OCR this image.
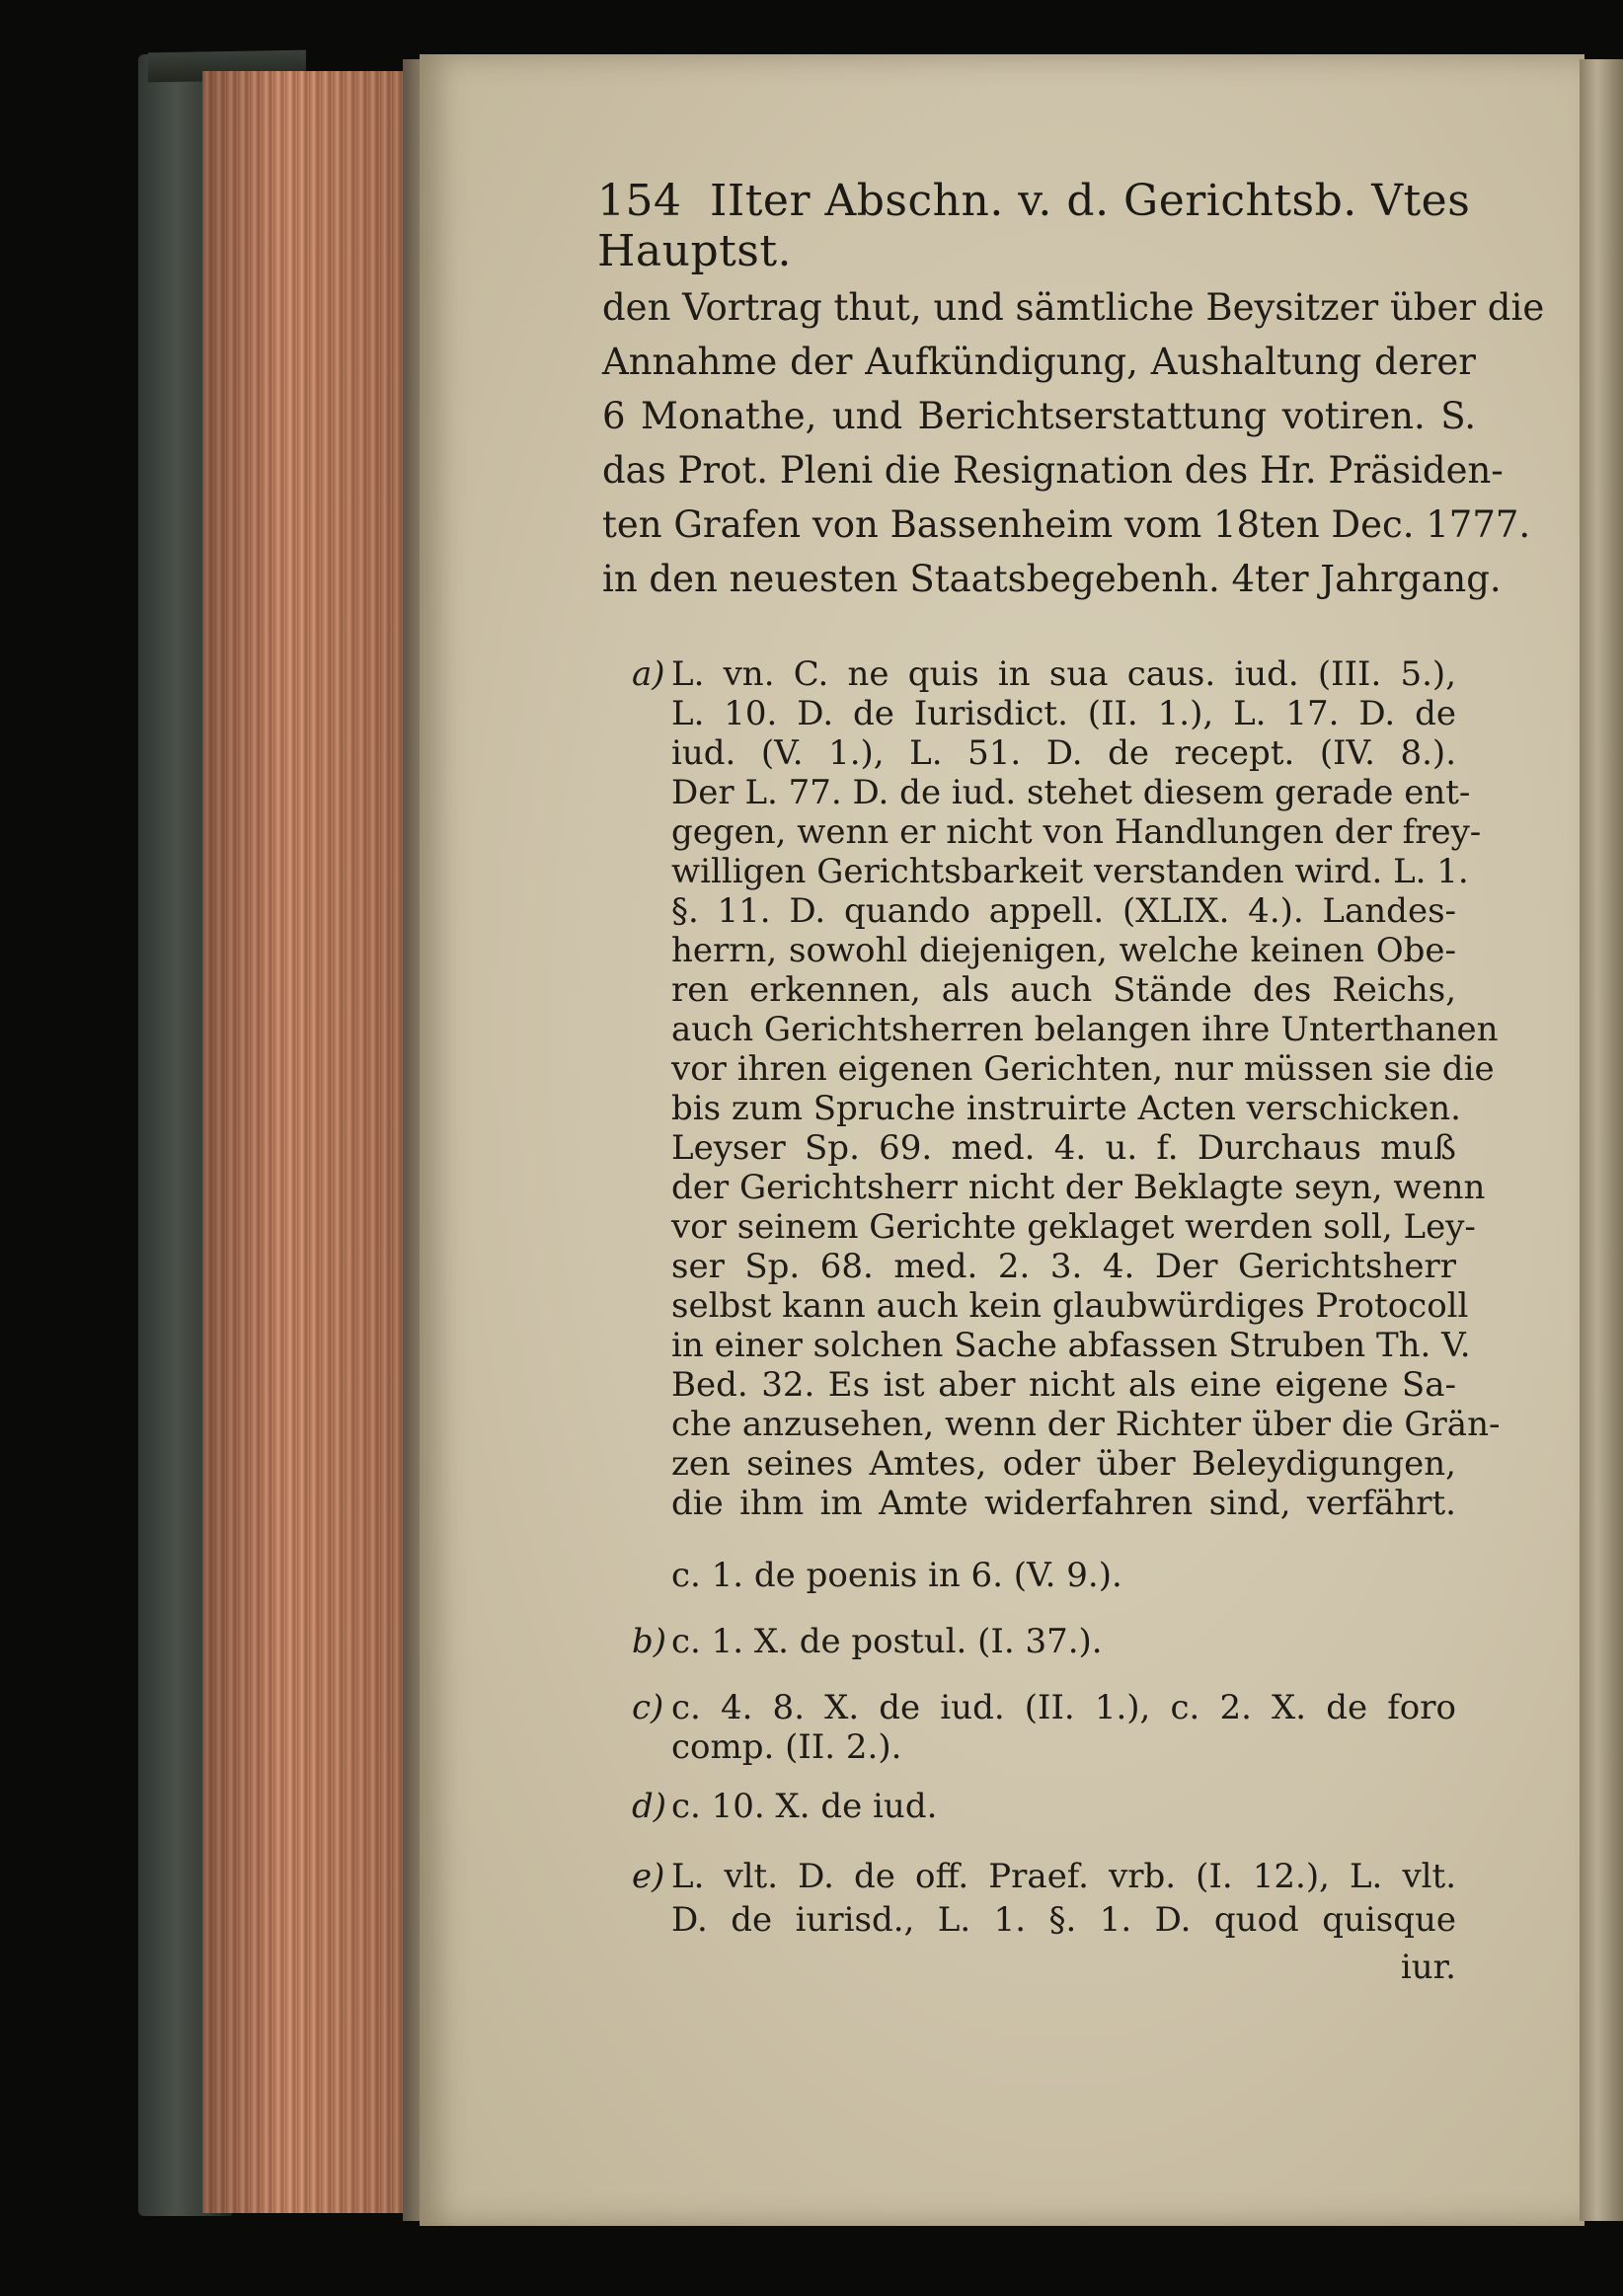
154 IIter Abschn. v. d. Gerichtsb. Vtes Hauptst.
den Vortrag thut, und sämtliche Beysitzer über die
Annahme der Aufkündigung, Aushaltung derer
6 Monathe, und Berichtserstattung votiren. S.
das Prot. Pleni die Resignation des Hr. Präsiden-
ten Grafen von Bassenheim vom 18ten Dec. 1777.
in den neuesten Staatsbegebenh. 4ter Jahrgang.
a) L. vn. C. ne quis in sua caus. iud. (III. 5.),
L. 10. D. de Iurisdict. (II. 1.), L. 17. D. de
iud. (V. 1.), L. 51. D. de recept. (IV. 8.).
Der L. 77. D. de iud. stehet diesem gerade ent-
gegen, wenn er nicht von Handlungen der frey-
willigen Gerichtsbarkeit verstanden wird. L. 1.
§. 11. D. quando appell. (XLIX. 4.). Landes-
herrn, sowohl diejenigen, welche keinen Obe-
ren erkennen, als auch Stände des Reichs,
auch Gerichtsherren belangen ihre Unterthanen
vor ihren eigenen Gerichten, nur müssen sie die
bis zum Spruche instruirte Acten verschicken.
Leyser Sp. 69. med. 4. u. f. Durchaus muß
der Gerichtsherr nicht der Beklagte seyn, wenn
vor seinem Gerichte geklaget werden soll, Ley-
ser Sp. 68. med. 2. 3. 4. Der Gerichtsherr
selbst kann auch kein glaubwürdiges Protocoll
in einer solchen Sache abfassen Struben Th. V.
Bed. 32. Es ist aber nicht als eine eigene Sa-
che anzusehen, wenn der Richter über die Grän-
zen seines Amtes, oder über Beleydigungen,
die ihm im Amte widerfahren sind, verfährt.
c. 1. de poenis in 6. (V. 9.).
b) c. 1. X. de postul. (I. 37.).
c) c. 4. 8. X. de iud. (II. 1.), c. 2. X. de foro
comp. (II. 2.).
d) c. 10. X. de iud.
e) L. vlt. D. de off. Praef. vrb. (I. 12.), L. vlt.
D. de iurisd., L. 1. §. 1. D. quod quisque
iur.
